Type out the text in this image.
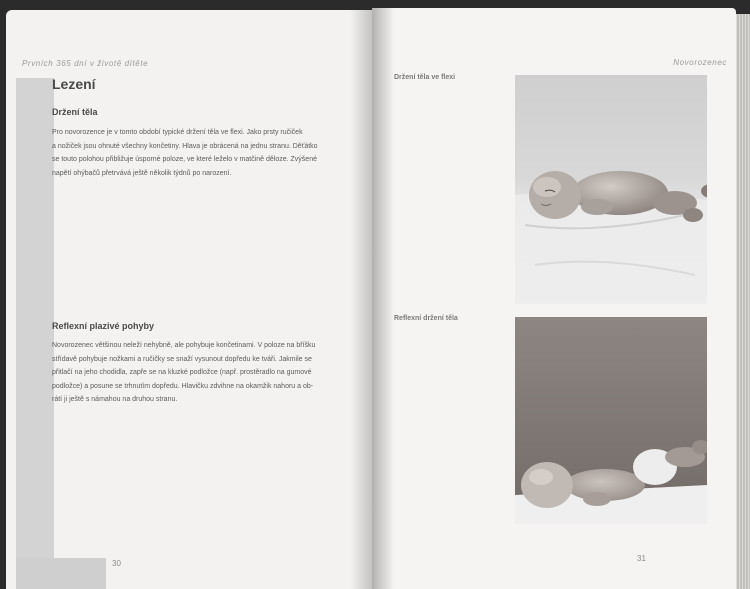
Prvních 365 dní v životě dítěte
Lezení
Držení těla
Pro novorozence je v tomto období typické držení těla ve flexi. Jako prsty ručiček
a nožiček jsou ohnuté všechny končetiny. Hlava je obrácená na jednu stranu. Děťátko
se touto polohou přibližuje úsporné poloze, ve které leželo v matčině děloze. Zvýšené
napětí ohýbačů přetrvává ještě několik týdnů po narození.
Reflexní plazivé pohyby
Novorozenec většinou neleží nehybně, ale pohybuje končetinami. V poloze na bříšku
střídavě pohybuje nožkami a ručičky se snaží vysunout dopředu ke tváři. Jakmile se
přitlačí na jeho chodidla, zapře se na kluzké podložce (např. prostěradlo na gumové
podložce) a posune se trhnutím dopředu. Hlavičku zdvihne na okamžik nahoru a ob-
rátí ji ještě s námahou na druhou stranu.
30
Novorozenec
Držení těla ve flexi
Reflexní držení těla
31
